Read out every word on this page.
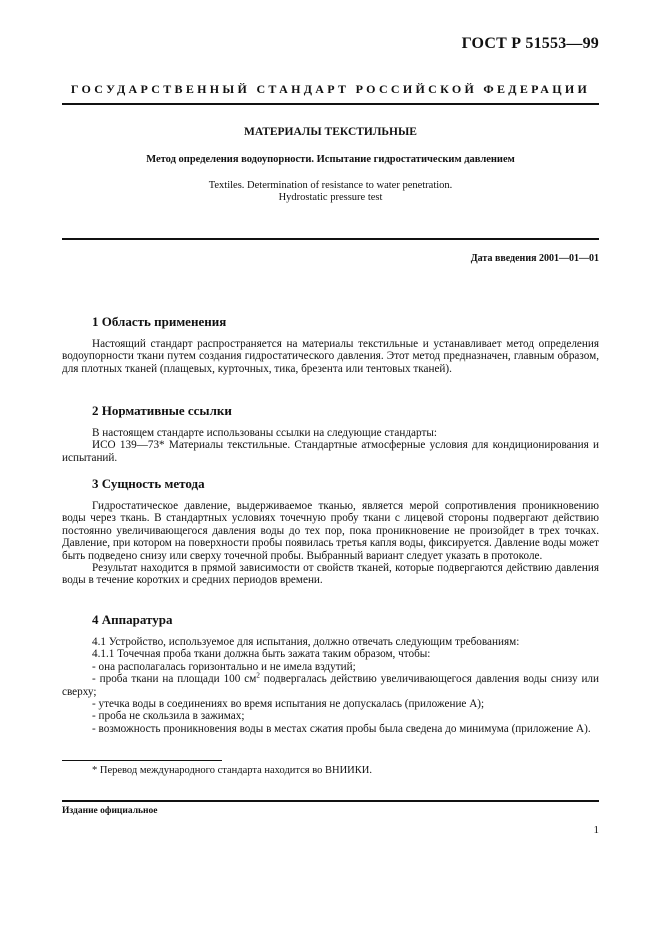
ГОСТ Р 51553—99
ГОСУДАРСТВЕННЫЙ СТАНДАРТ РОССИЙСКОЙ ФЕДЕРАЦИИ
МАТЕРИАЛЫ ТЕКСТИЛЬНЫЕ
Метод определения водоупорности. Испытание гидростатическим давлением
Textiles. Determination of resistance to water penetration.
Hydrostatic pressure test
Дата введения 2001—01—01
1 Область применения

Настоящий стандарт распространяется на материалы текстильные и устанавливает метод определения водоупорности ткани путем создания гидростатического давления. Этот метод предназначен, главным образом, для плотных тканей (плащевых, курточных, тика, брезента или тентовых тканей).

2 Нормативные ссылки

В настоящем стандарте использованы ссылки на следующие стандарты:

ИСО 139—73* Материалы текстильные. Стандартные атмосферные условия для кондиционирования и испытаний.

3 Сущность метода

Гидростатическое давление, выдерживаемое тканью, является мерой сопротивления проникновению воды через ткань. В стандартных условиях точечную пробу ткани с лицевой стороны подвергают действию постоянно увеличивающегося давления воды до тех пор, пока проникновение не произойдет в трех точках. Давление, при котором на поверхности пробы появилась третья капля воды, фиксируется. Давление воды может быть подведено снизу или сверху точечной пробы. Выбранный вариант следует указать в протоколе.

Результат находится в прямой зависимости от свойств тканей, которые подвергаются действию давления воды в течение коротких и средних периодов времени.

4 Аппаратура

4.1 Устройство, используемое для испытания, должно отвечать следующим требованиям:

4.1.1 Точечная проба ткани должна быть зажата таким образом, чтобы:

- она располагалась горизонтально и не имела вздутий;

- проба ткани на площади 100 $см^2$ подвергалась действию увеличивающегося давления воды снизу или сверху;

- утечка воды в соединениях во время испытания не допускалась (приложение А);

- проба не скользила в зажимах;

- возможность проникновения воды в местах сжатия пробы была сведена до минимума (приложение А).

* Перевод международного стандарта находится во ВНИИКИ.
Издание официальное
1
